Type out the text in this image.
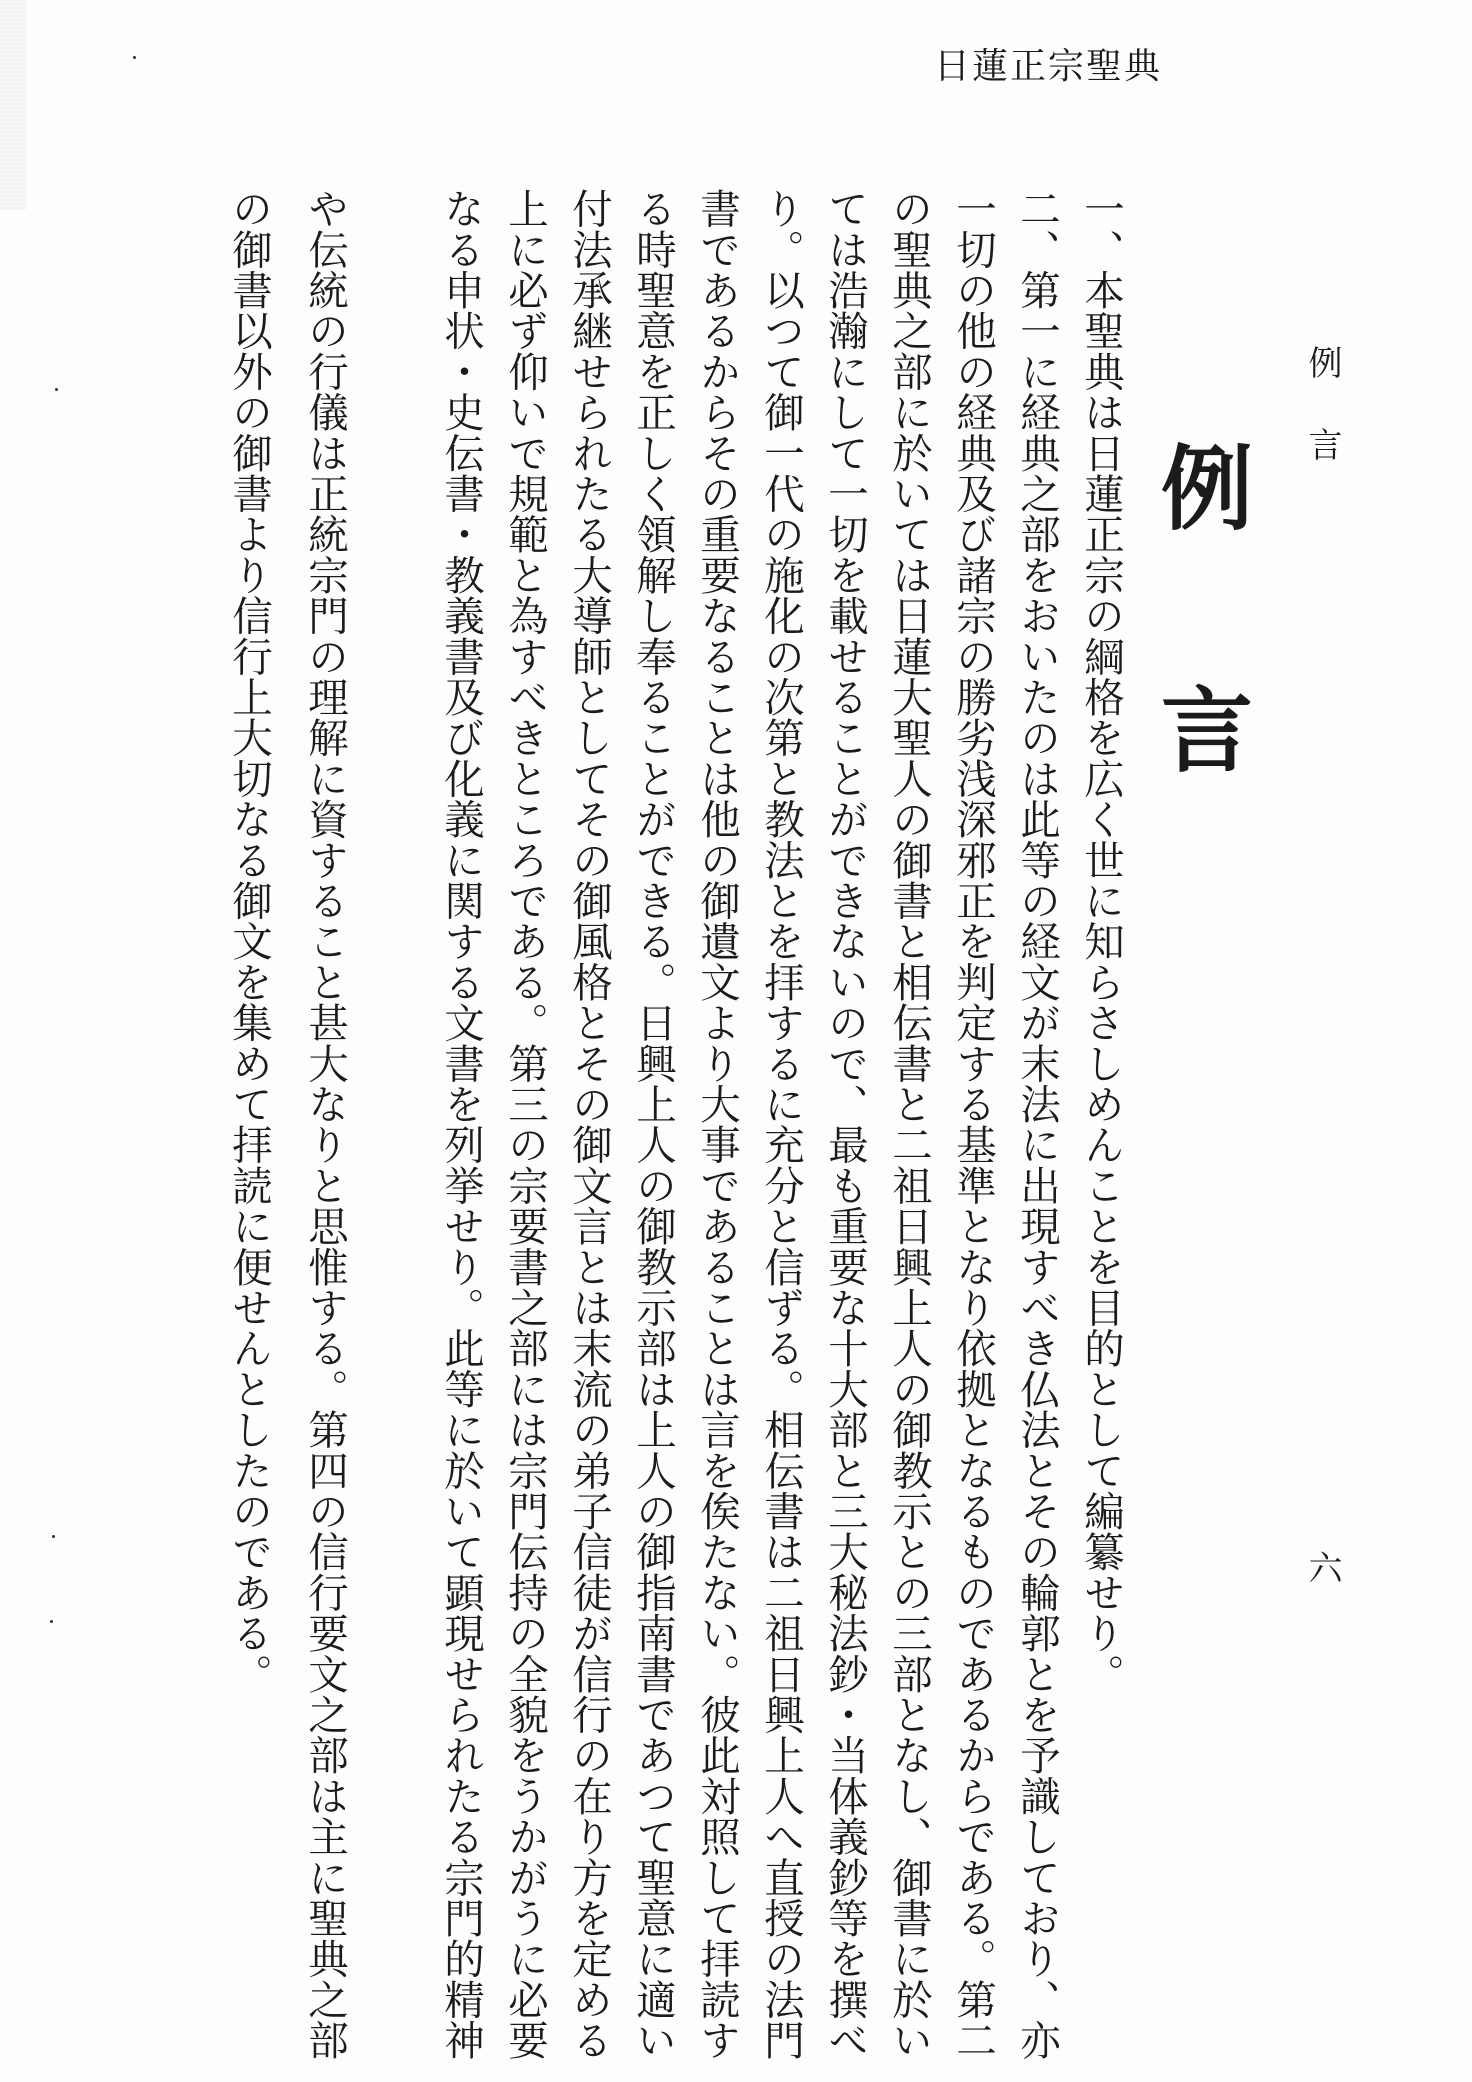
日蓮正宗聖典
例言
六
例言
一、本聖典は日蓮正宗の綱格を広く世に知らさしめんことを目的として編纂せり。
二、第一に経典之部をおいたのは此等の経文が末法に出現すべき仏法とその輪郭とを予識しており、亦
一切の他の経典及び諸宗の勝劣浅深邪正を判定する基準となり依拠となるものであるからである。第二
の聖典之部に於いては日蓮大聖人の御書と相伝書と二祖日興上人の御教示との三部となし、御書に於い
ては浩瀚にして一切を載せることができないので、最も重要な十大部と三大秘法鈔・当体義鈔等を撰べ
り。以つて御一代の施化の次第と教法とを拝するに充分と信ずる。相伝書は二祖日興上人へ直授の法門
書であるからその重要なることは他の御遺文より大事であることは言を俟たない。彼此対照して拝読す
る時聖意を正しく領解し奉ることができる。日興上人の御教示部は上人の御指南書であつて聖意に適い
付法承継せられたる大導師としてその御風格とその御文言とは末流の弟子信徒が信行の在り方を定める
上に必ず仰いで規範と為すべきところである。第三の宗要書之部には宗門伝持の全貌をうかがうに必要
なる申状・史伝書・教義書及び化義に関する文書を列挙せり。此等に於いて顕現せられたる宗門的精神
や伝統の行儀は正統宗門の理解に資すること甚大なりと思惟する。第四の信行要文之部は主に聖典之部
の御書以外の御書より信行上大切なる御文を集めて拝読に便せんとしたのである。
